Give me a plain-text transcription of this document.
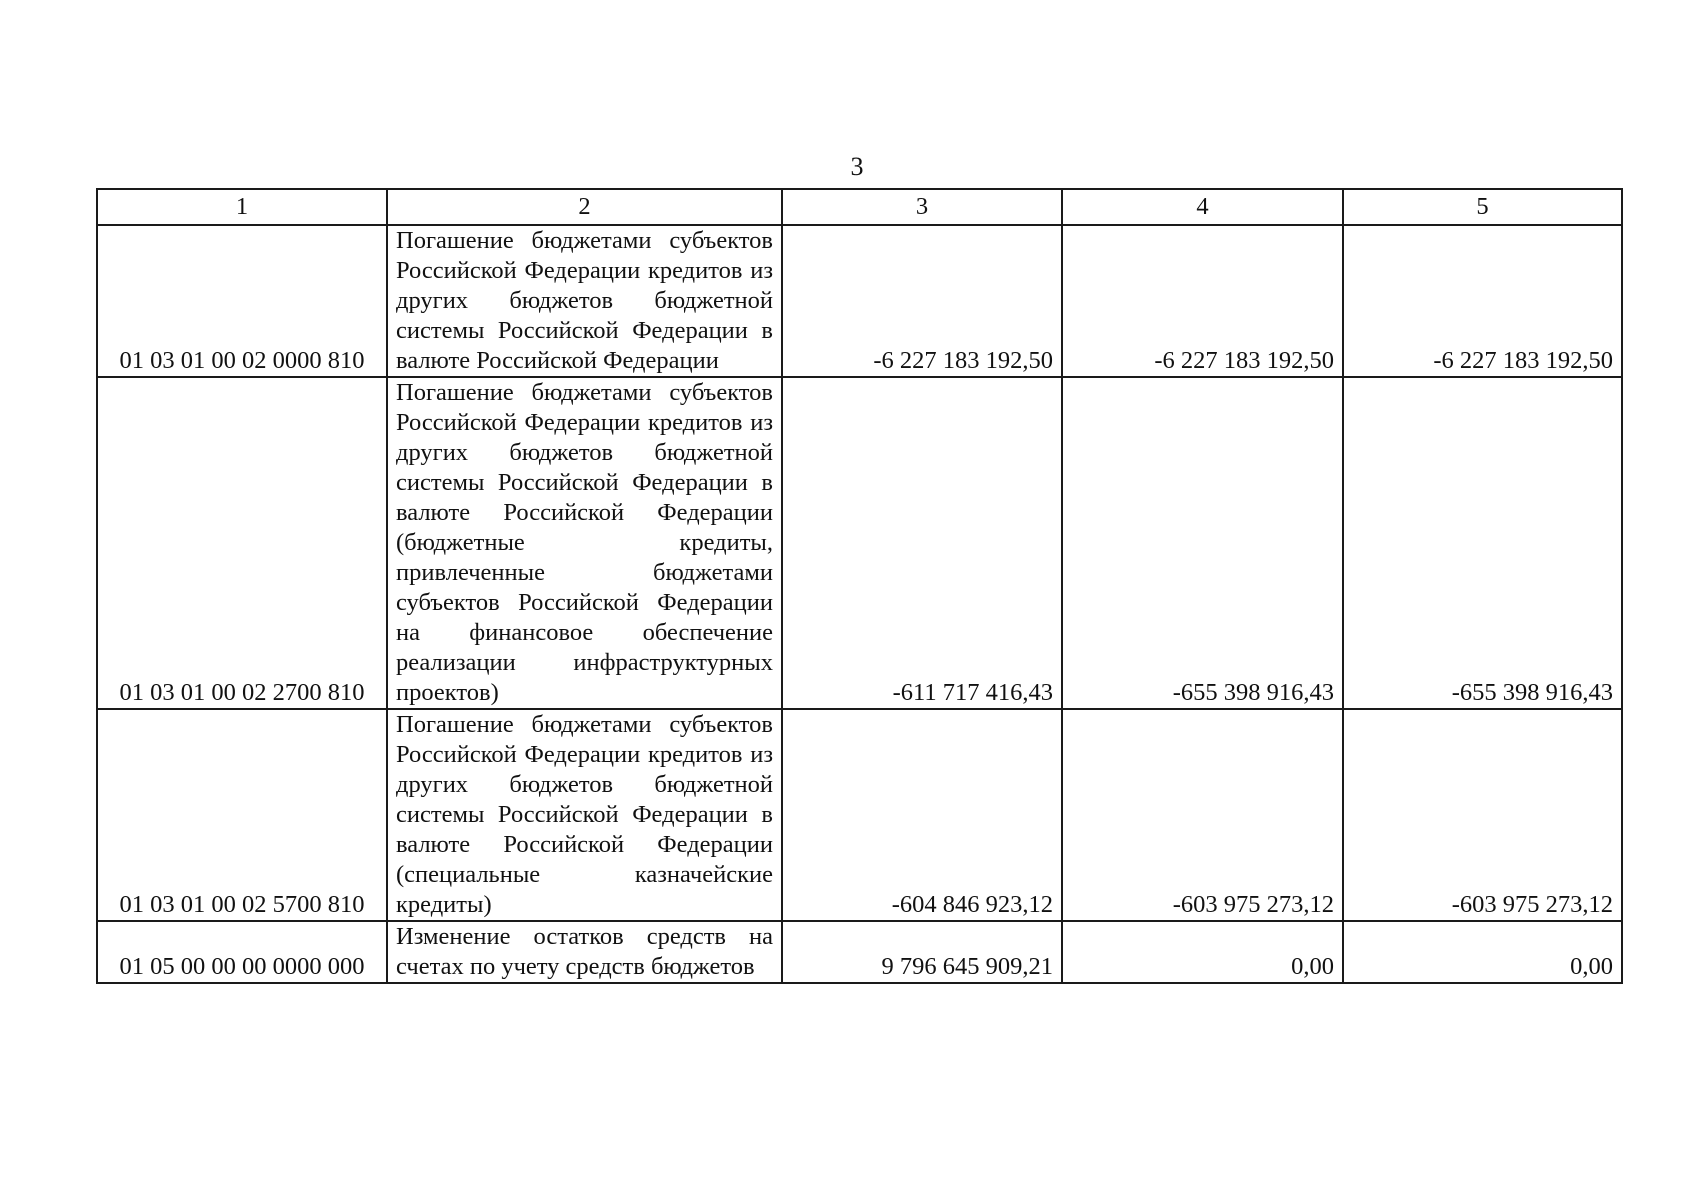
3
1	2	3	4	5
01 03 01 00 02 0000 810	Погашение бюджетами субъектов Российской Федерации кредитов из других бюджетов бюджетной системы Российской Федерации в валюте Российской Федерации	-6 227 183 192,50	-6 227 183 192,50	-6 227 183 192,50
01 03 01 00 02 2700 810	Погашение бюджетами субъектов Российской Федерации кредитов из других бюджетов бюджетной системы Российской Федерации в валюте Российской Федерации (бюджетные кредиты, привлеченные бюджетами субъектов Российской Федерации на финансовое обеспечение реализации инфраструктурных проектов)	-611 717 416,43	-655 398 916,43	-655 398 916,43
01 03 01 00 02 5700 810	Погашение бюджетами субъектов Российской Федерации кредитов из других бюджетов бюджетной системы Российской Федерации в валюте Российской Федерации (специальные казначейские кредиты)	-604 846 923,12	-603 975 273,12	-603 975 273,12
01 05 00 00 00 0000 000	Изменение остатков средств на счетах по учету средств бюджетов	9 796 645 909,21	0,00	0,00
